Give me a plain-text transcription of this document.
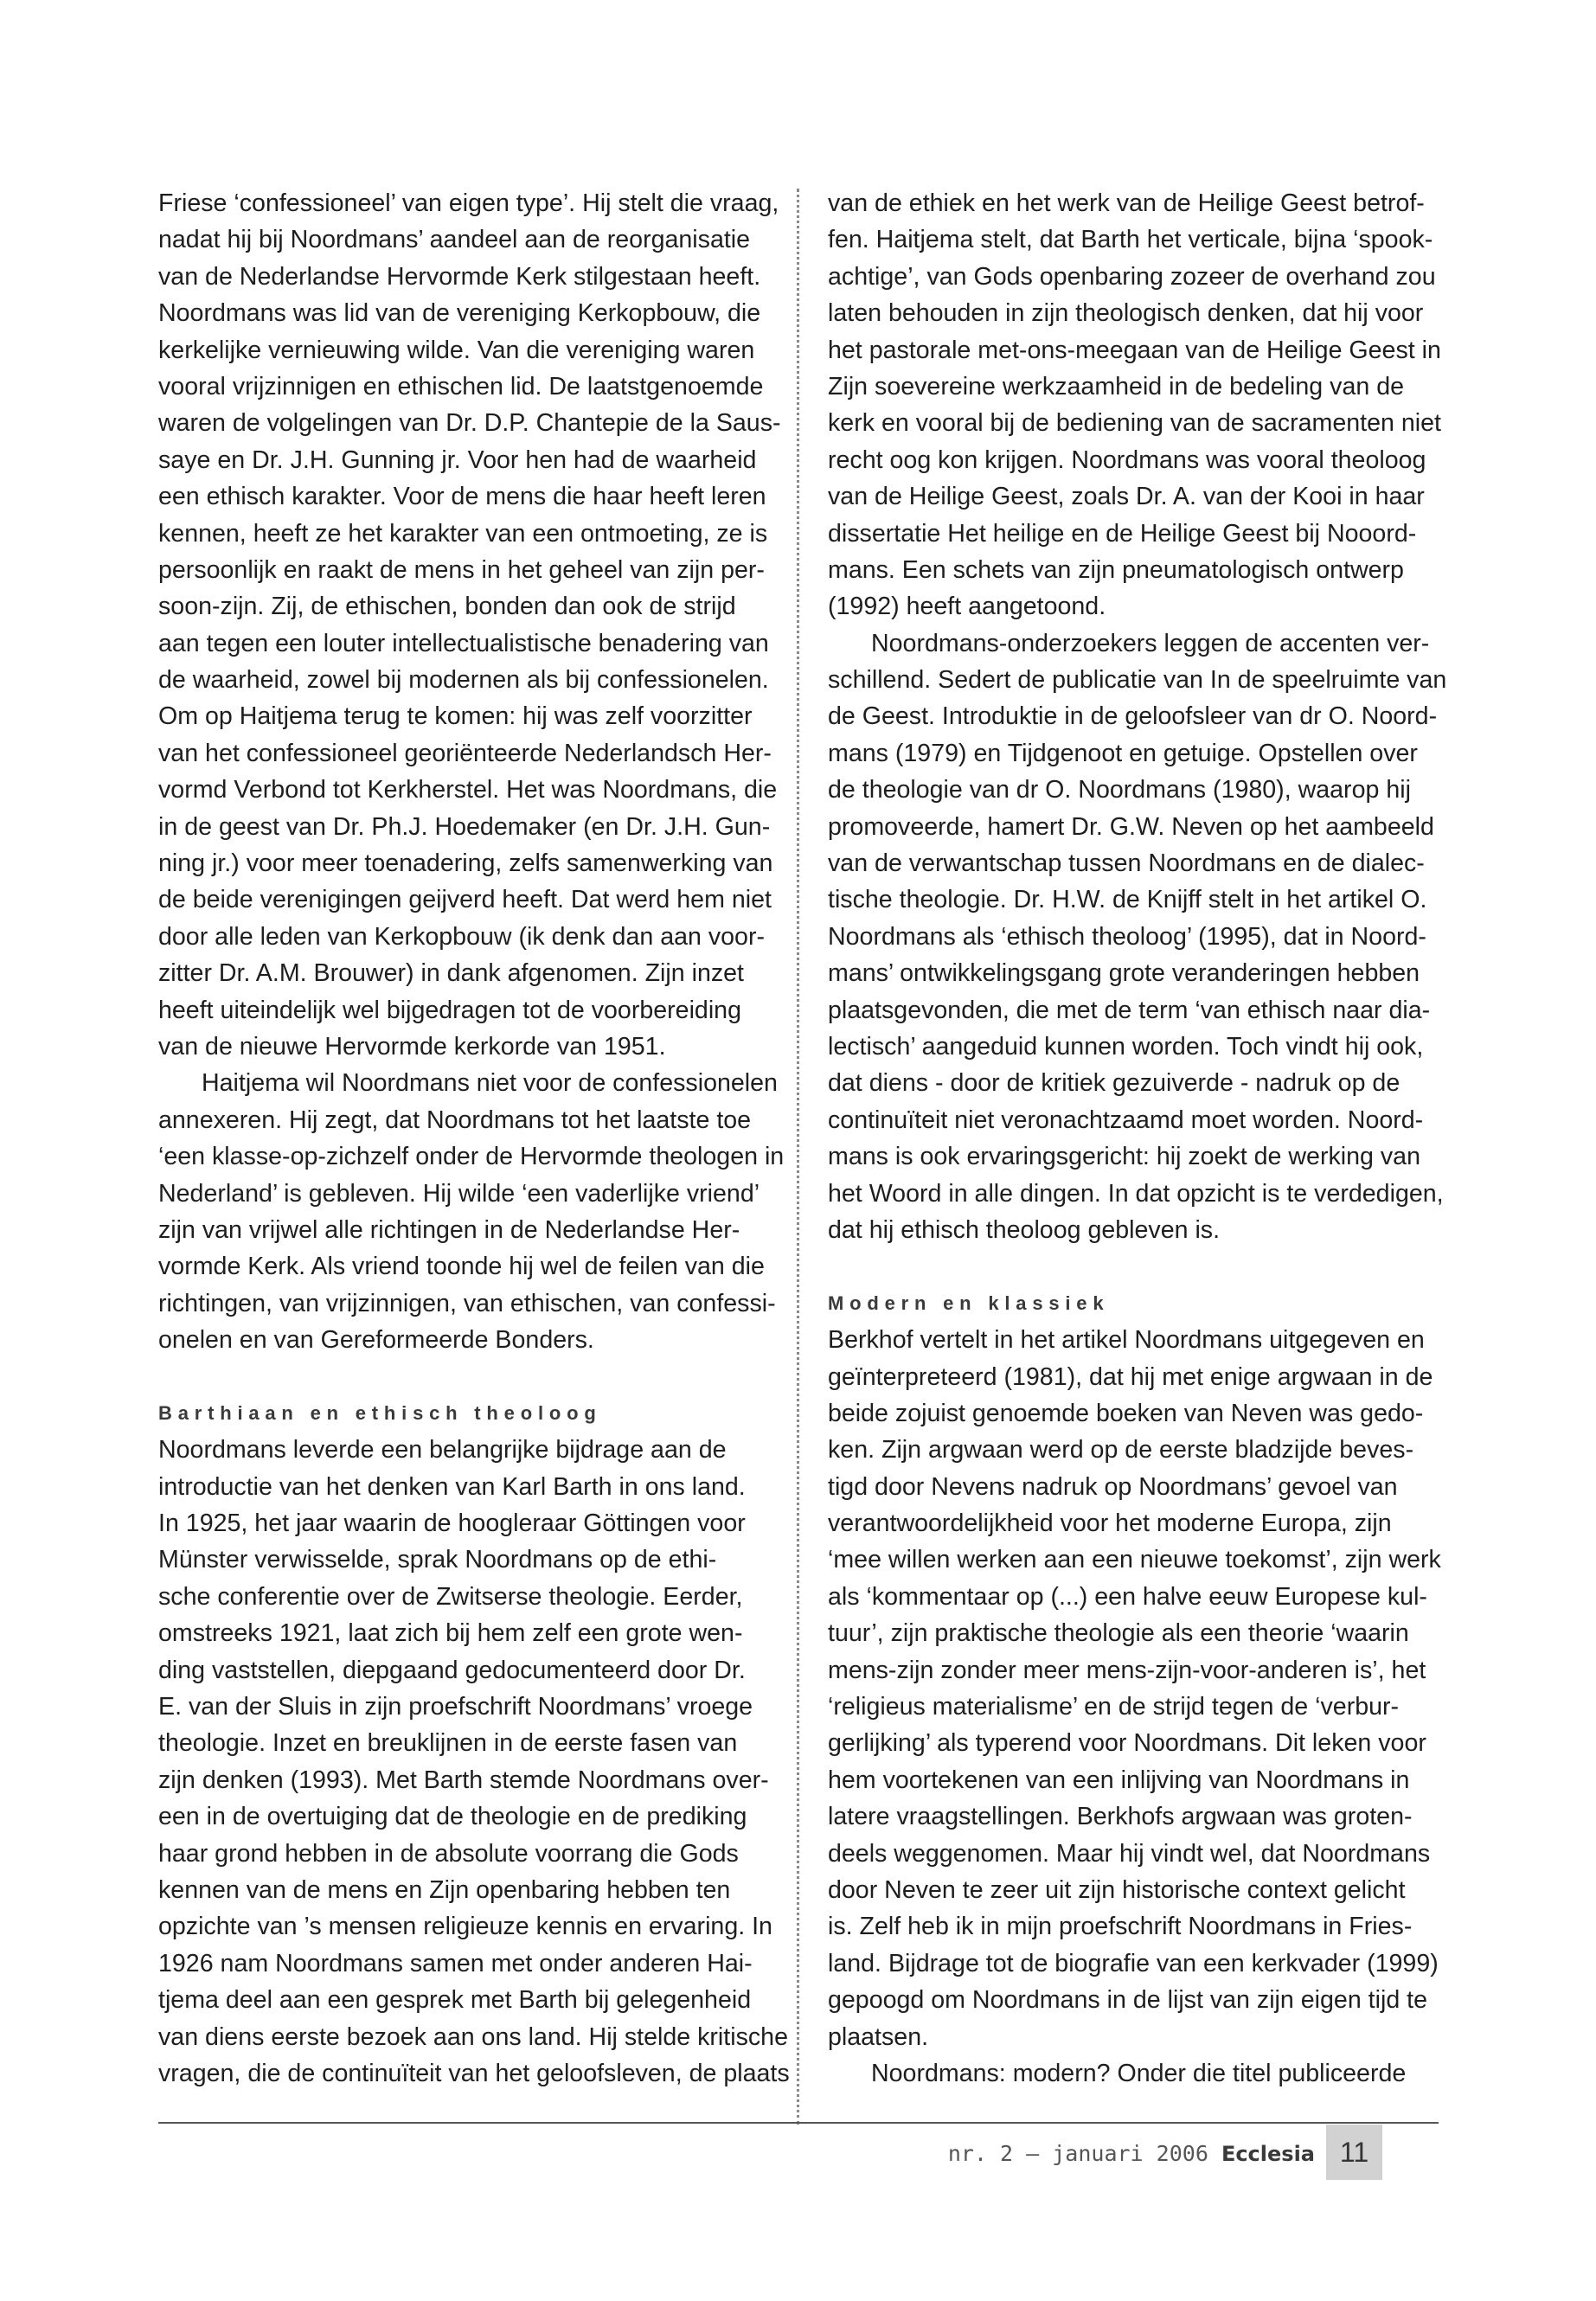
Friese ‘confessioneel’ van eigen type’. Hij stelt die vraag,
nadat hij bij Noordmans’ aandeel aan de reorganisatie
van de Nederlandse Hervormde Kerk stilgestaan heeft.
Noordmans was lid van de vereniging Kerkopbouw, die
kerkelijke vernieuwing wilde. Van die vereniging waren
vooral vrijzinnigen en ethischen lid. De laatstgenoemde
waren de volgelingen van Dr. D.P. Chantepie de la Saus-
saye en Dr. J.H. Gunning jr. Voor hen had de waarheid
een ethisch karakter. Voor de mens die haar heeft leren
kennen, heeft ze het karakter van een ontmoeting, ze is
persoonlijk en raakt de mens in het geheel van zijn per-
soon-zijn. Zij, de ethischen, bonden dan ook de strijd
aan tegen een louter intellectualistische benadering van
de waarheid, zowel bij modernen als bij confessionelen.
Om op Haitjema terug te komen: hij was zelf voorzitter
van het confessioneel georiënteerde Nederlandsch Her-
vormd Verbond tot Kerkherstel. Het was Noordmans, die
in de geest van Dr. Ph.J. Hoedemaker (en Dr. J.H. Gun-
ning jr.) voor meer toenadering, zelfs samenwerking van
de beide verenigingen geijverd heeft. Dat werd hem niet
door alle leden van Kerkopbouw (ik denk dan aan voor-
zitter Dr. A.M. Brouwer) in dank afgenomen. Zijn inzet
heeft uiteindelijk wel bijgedragen tot de voorbereiding
van de nieuwe Hervormde kerkorde van 1951.
Haitjema wil Noordmans niet voor de confessionelen
annexeren. Hij zegt, dat Noordmans tot het laatste toe
‘een klasse-op-zichzelf onder de Hervormde theologen in
Nederland’ is gebleven. Hij wilde ‘een vaderlijke vriend’
zijn van vrijwel alle richtingen in de Nederlandse Her-
vormde Kerk. Als vriend toonde hij wel de feilen van die
richtingen, van vrijzinnigen, van ethischen, van confessi-
onelen en van Gereformeerde Bonders.
Barthiaan en ethisch theoloog
Noordmans leverde een belangrijke bijdrage aan de
introductie van het denken van Karl Barth in ons land.
In 1925, het jaar waarin de hoogleraar Göttingen voor
Münster verwisselde, sprak Noordmans op de ethi-
sche conferentie over de Zwitserse theologie. Eerder,
omstreeks 1921, laat zich bij hem zelf een grote wen-
ding vaststellen, diepgaand gedocumenteerd door Dr.
E. van der Sluis in zijn proefschrift Noordmans’ vroege
theologie. Inzet en breuklijnen in de eerste fasen van
zijn denken (1993). Met Barth stemde Noordmans over-
een in de overtuiging dat de theologie en de prediking
haar grond hebben in de absolute voorrang die Gods
kennen van de mens en Zijn openbaring hebben ten
opzichte van ’s mensen religieuze kennis en ervaring. In
1926 nam Noordmans samen met onder anderen Hai-
tjema deel aan een gesprek met Barth bij gelegenheid
van diens eerste bezoek aan ons land. Hij stelde kritische
vragen, die de continuïteit van het geloofsleven, de plaats
van de ethiek en het werk van de Heilige Geest betrof-
fen. Haitjema stelt, dat Barth het verticale, bijna ‘spook-
achtige’, van Gods openbaring zozeer de overhand zou
laten behouden in zijn theologisch denken, dat hij voor
het pastorale met-ons-meegaan van de Heilige Geest in
Zijn soevereine werkzaamheid in de bedeling van de
kerk en vooral bij de bediening van de sacramenten niet
recht oog kon krijgen. Noordmans was vooral theoloog
van de Heilige Geest, zoals Dr. A. van der Kooi in haar
dissertatie Het heilige en de Heilige Geest bij Nooord-
mans. Een schets van zijn pneumatologisch ontwerp
(1992) heeft aangetoond.
Noordmans-onderzoekers leggen de accenten ver-
schillend. Sedert de publicatie van In de speelruimte van
de Geest. Introduktie in de geloofsleer van dr O. Noord-
mans (1979) en Tijdgenoot en getuige. Opstellen over
de theologie van dr O. Noordmans (1980), waarop hij
promoveerde, hamert Dr. G.W. Neven op het aambeeld
van de verwantschap tussen Noordmans en de dialec-
tische theologie. Dr. H.W. de Knijff stelt in het artikel O.
Noordmans als ‘ethisch theoloog’ (1995), dat in Noord-
mans’ ontwikkelingsgang grote veranderingen hebben
plaatsgevonden, die met de term ‘van ethisch naar dia-
lectisch’ aangeduid kunnen worden. Toch vindt hij ook,
dat diens - door de kritiek gezuiverde - nadruk op de
continuïteit niet veronachtzaamd moet worden. Noord-
mans is ook ervaringsgericht: hij zoekt de werking van
het Woord in alle dingen. In dat opzicht is te verdedigen,
dat hij ethisch theoloog gebleven is.
Modern en klassiek
Berkhof vertelt in het artikel Noordmans uitgegeven en
geïnterpreteerd (1981), dat hij met enige argwaan in de
beide zojuist genoemde boeken van Neven was gedo-
ken. Zijn argwaan werd op de eerste bladzijde beves-
tigd door Nevens nadruk op Noordmans’ gevoel van
verantwoordelijkheid voor het moderne Europa, zijn
‘mee willen werken aan een nieuwe toekomst’, zijn werk
als ‘kommentaar op (...) een halve eeuw Europese kul-
tuur’, zijn praktische theologie als een theorie ‘waarin
mens-zijn zonder meer mens-zijn-voor-anderen is’, het
‘religieus materialisme’ en de strijd tegen de ‘verbur-
gerlijking’ als typerend voor Noordmans. Dit leken voor
hem voortekenen van een inlijving van Noordmans in
latere vraagstellingen. Berkhofs argwaan was groten-
deels weggenomen. Maar hij vindt wel, dat Noordmans
door Neven te zeer uit zijn historische context gelicht
is. Zelf heb ik in mijn proefschrift Noordmans in Fries-
land. Bijdrage tot de biografie van een kerkvader (1999)
gepoogd om Noordmans in de lijst van zijn eigen tijd te
plaatsen.
Noordmans: modern? Onder die titel publiceerde
nr. 2 — januari 2006 Ecclesia 11
